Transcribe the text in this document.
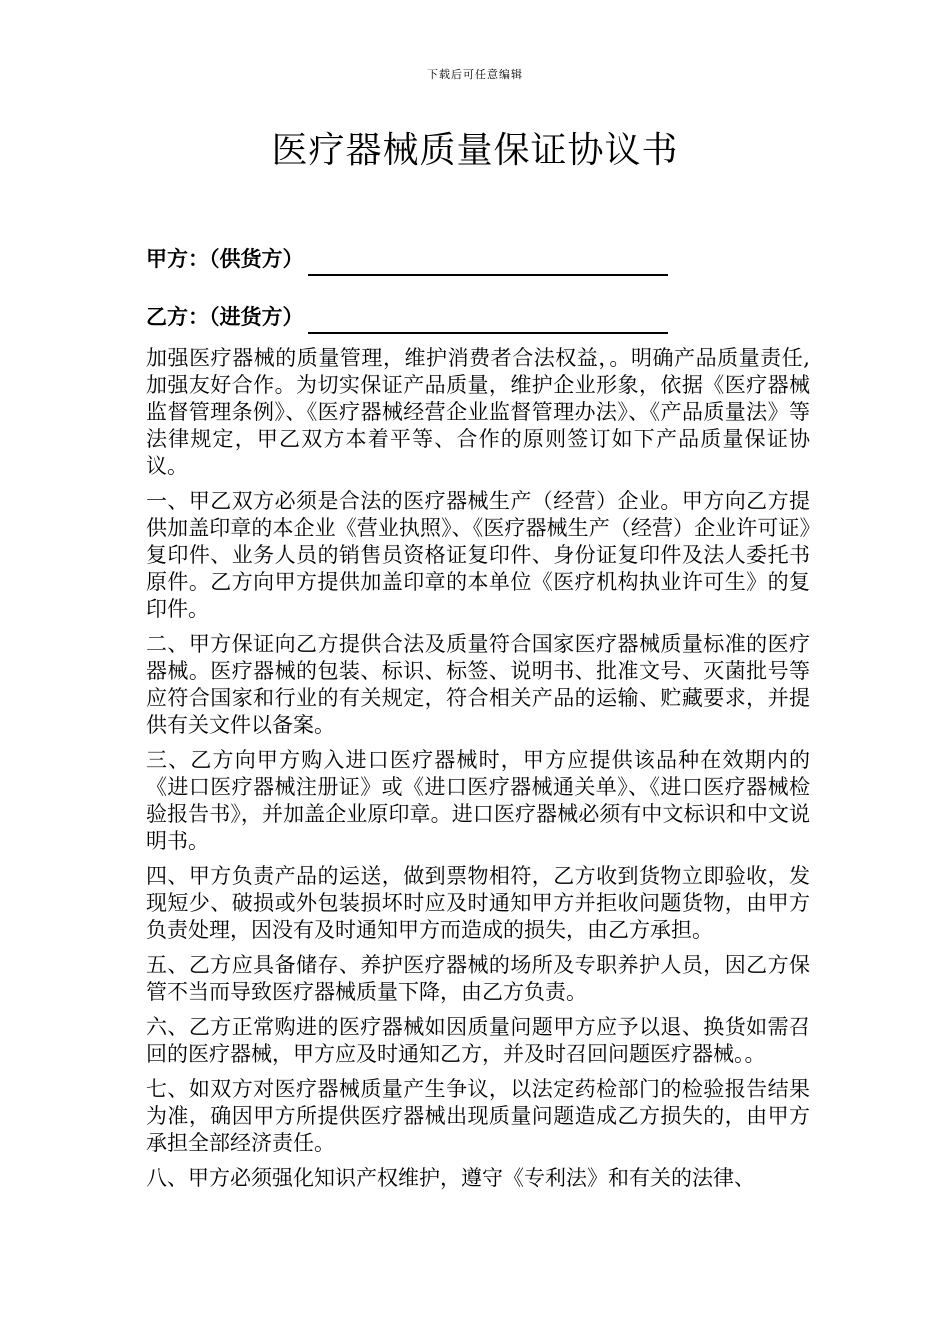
下载后可任意编辑
医疗器械质量保证协议书
甲方：（供货方）
乙方：（进货方）

加强医疗器械的质量管理，维护消费者合法权益，。明确产品质量责任,加强友好合作。为切实保证产品质量，维护企业形象，依据《医疗器械监督管理条例》、《医疗器械经营企业监督管理办法》、《产品质量法》等法律规定，甲乙双方本着平等、合作的原则签订如下产品质量保证协议。

一、甲乙双方必须是合法的医疗器械生产（经营）企业。甲方向乙方提供加盖印章的本企业《营业执照》、《医疗器械生产（经营）企业许可证》复印件、业务人员的销售员资格证复印件、身份证复印件及法人委托书原件。乙方向甲方提供加盖印章的本单位《医疗机构执业许可生》的复印件。

二、甲方保证向乙方提供合法及质量符合国家医疗器械质量标准的医疗器械。医疗器械的包装、标识、标签、说明书、批准文号、灭菌批号等应符合国家和行业的有关规定，符合相关产品的运输、贮藏要求，并提供有关文件以备案。

三、乙方向甲方购入进口医疗器械时，甲方应提供该品种在效期内的《进口医疗器械注册证》或《进口医疗器械通关单》、《进口医疗器械检验报告书》，并加盖企业原印章。进口医疗器械必须有中文标识和中文说明书。

四、甲方负责产品的运送，做到票物相符，乙方收到货物立即验收，发现短少、破损或外包装损坏时应及时通知甲方并拒收问题货物，由甲方负责处理，因没有及时通知甲方而造成的损失，由乙方承担。

五、乙方应具备储存、养护医疗器械的场所及专职养护人员，因乙方保管不当而导致医疗器械质量下降，由乙方负责。

六、乙方正常购进的医疗器械如因质量问题甲方应予以退、换货如需召回的医疗器械，甲方应及时通知乙方，并及时召回问题医疗器械。。

七、如双方对医疗器械质量产生争议，以法定药检部门的检验报告结果为准，确因甲方所提供医疗器械出现质量问题造成乙方损失的，由甲方承担全部经济责任。

八、甲方必须强化知识产权维护，遵守《专利法》和有关的法律、
